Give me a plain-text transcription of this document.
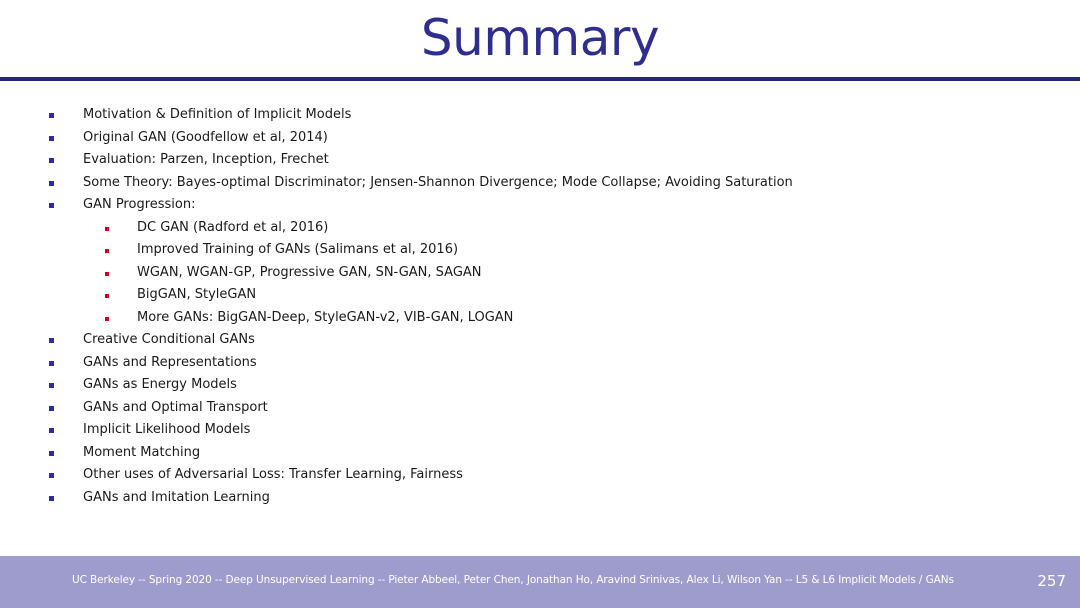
Summary
Motivation & Definition of Implicit Models
Original GAN (Goodfellow et al, 2014)
Evaluation: Parzen, Inception, Frechet
Some Theory: Bayes-optimal Discriminator; Jensen-Shannon Divergence; Mode Collapse; Avoiding Saturation
GAN Progression:
DC GAN (Radford et al, 2016)
Improved Training of GANs (Salimans et al, 2016)
WGAN, WGAN-GP, Progressive GAN, SN-GAN, SAGAN
BigGAN, StyleGAN
More GANs: BigGAN-Deep, StyleGAN-v2, VIB-GAN, LOGAN
Creative Conditional GANs
GANs and Representations
GANs as Energy Models
GANs and Optimal Transport
Implicit Likelihood Models
Moment Matching
Other uses of Adversarial Loss: Transfer Learning, Fairness
GANs and Imitation Learning
UC Berkeley -- Spring 2020 -- Deep Unsupervised Learning -- Pieter Abbeel, Peter Chen, Jonathan Ho, Aravind Srinivas, Alex Li, Wilson Yan -- L5 & L6 Implicit Models / GANs	257
